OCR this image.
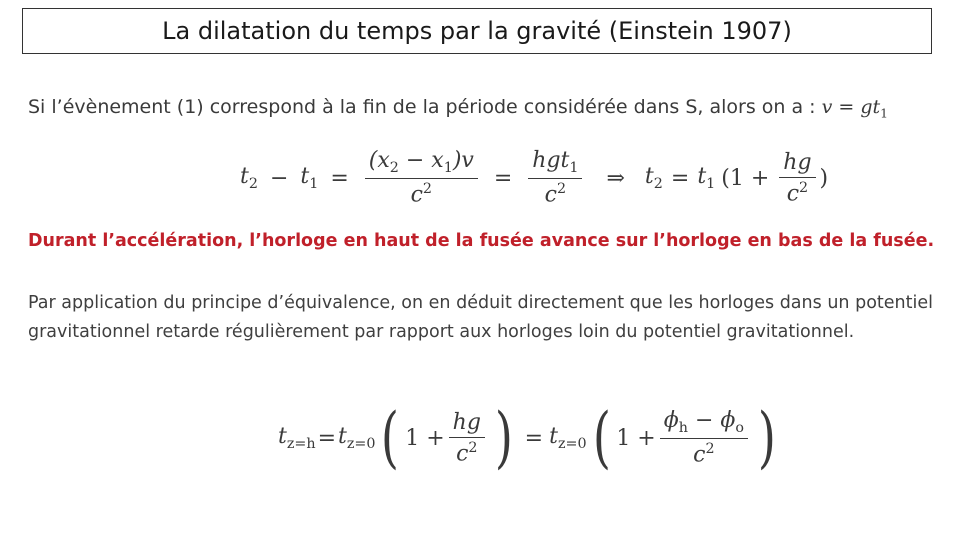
La dilatation du temps par la gravité (Einstein 1907)
Si l’évènement (1) correspond à la fin de la période considérée dans S, alors on a : $v = gt_1$
$t_2 - t_1 = \frac{(x_2 - x_1)v}{c^2} = \frac{hgt_1}{c^2}$	⇒ $t_2 = t_1$ ($1 + \frac{hg}{c^2}$ )
Durant l’accélération, l’horloge en haut de la fusée avance sur l’horloge en bas de la fusée.
Par application du principe d’équivalence, on en déduit directement que les horloges dans un potentiel gravitationnel retarde régulièrement par rapport aux horloges loin du potentiel gravitationnel.
$t_{z=h} = t_{z=0}$ ( $1 + \frac{hg}{c^2}$ ) = $t_{z=0}$ ( $1 + \frac{\phi_h - \phi_o}{c^2}$ )
